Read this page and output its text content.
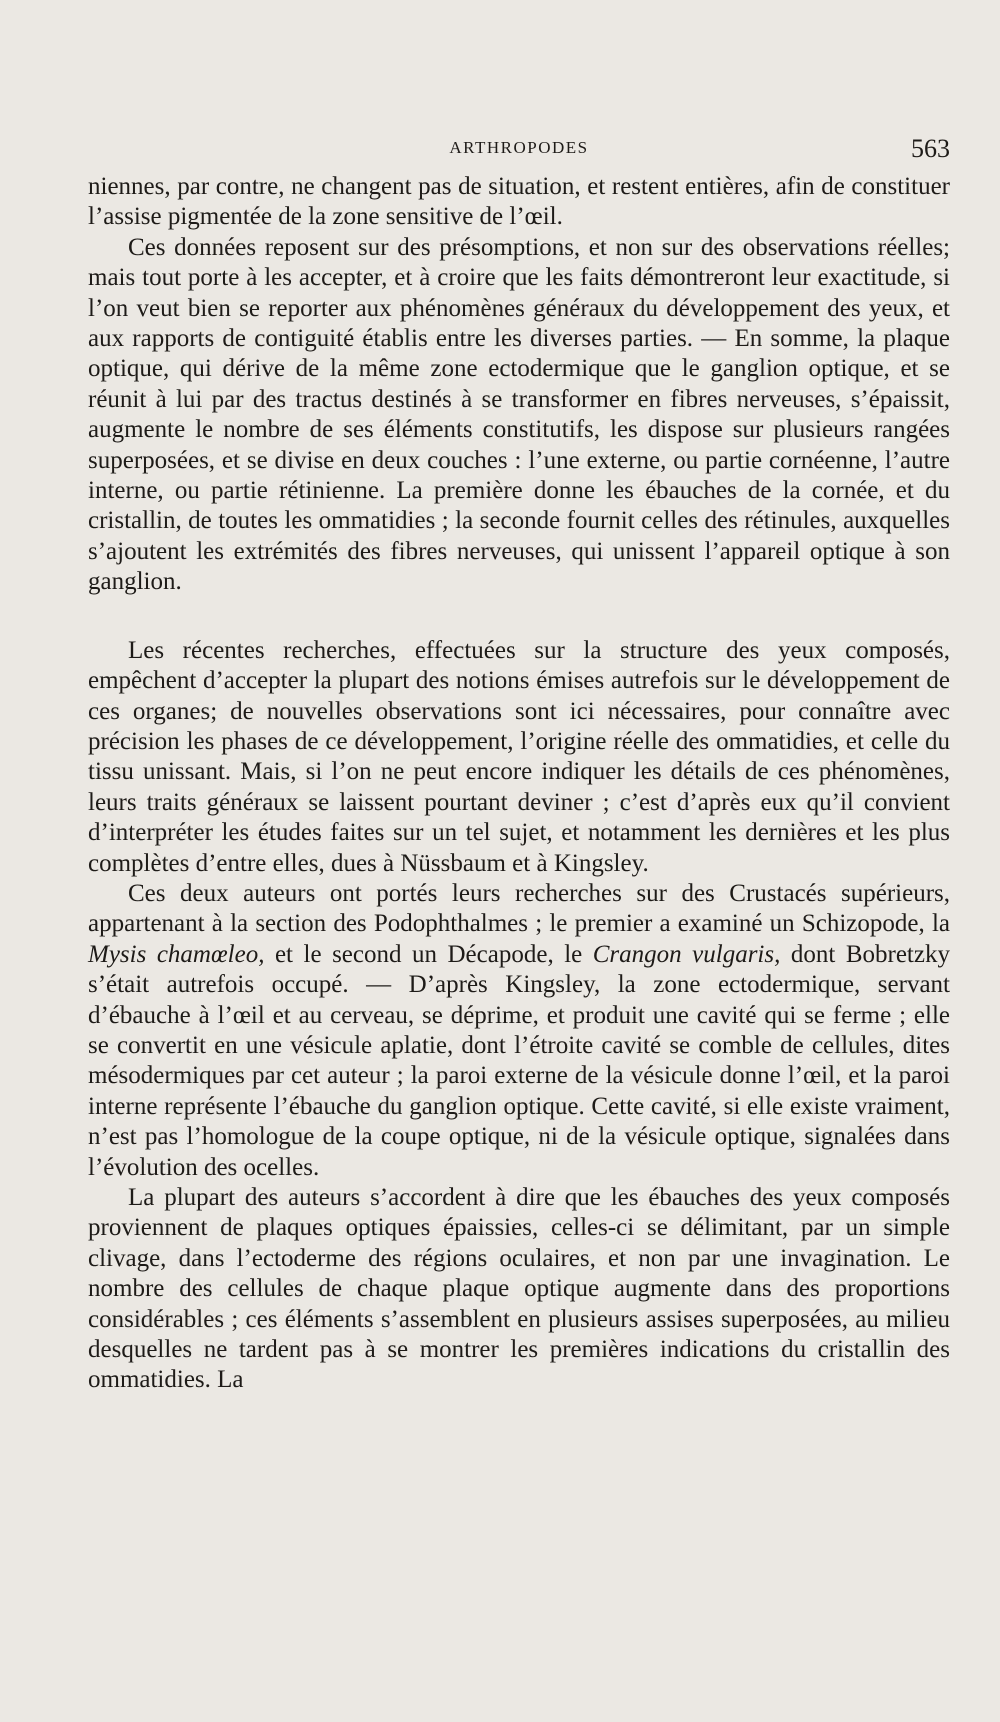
ARTHROPODES	563

niennes, par contre, ne changent pas de situation, et restent entières, afin de constituer l’assise pigmentée de la zone sensitive de l’œil.

Ces données reposent sur des présomptions, et non sur des observations réelles; mais tout porte à les accepter, et à croire que les faits démontreront leur exactitude, si l’on veut bien se reporter aux phénomènes généraux du développement des yeux, et aux rapports de contiguité établis entre les diverses parties. — En somme, la plaque optique, qui dérive de la même zone ectodermique que le ganglion optique, et se réunit à lui par des tractus destinés à se transformer en fibres nerveuses, s’épaissit, augmente le nombre de ses éléments constitutifs, les dispose sur plusieurs rangées superposées, et se divise en deux couches : l’une externe, ou partie cornéenne, l’autre interne, ou partie rétinienne. La première donne les ébauches de la cornée, et du cristallin, de toutes les ommatidies ; la seconde fournit celles des rétinules, auxquelles s’ajoutent les extrémités des fibres nerveuses, qui unissent l’appareil optique à son ganglion.

Les récentes recherches, effectuées sur la structure des yeux composés, empêchent d’accepter la plupart des notions émises autrefois sur le développement de ces organes; de nouvelles observations sont ici nécessaires, pour connaître avec précision les phases de ce développement, l’origine réelle des ommatidies, et celle du tissu unissant. Mais, si l’on ne peut encore indiquer les détails de ces phénomènes, leurs traits généraux se laissent pourtant deviner ; c’est d’après eux qu’il convient d’interpréter les études faites sur un tel sujet, et notamment les dernières et les plus complètes d’entre elles, dues à Nüssbaum et à Kingsley.

Ces deux auteurs ont portés leurs recherches sur des Crustacés supérieurs, appartenant à la section des Podophthalmes ; le premier a examiné un Schizopode, la Mysis chamœleo, et le second un Décapode, le Crangon vulgaris, dont Bobretzky s’était autrefois occupé. — D’après Kingsley, la zone ectodermique, servant d’ébauche à l’œil et au cerveau, se déprime, et produit une cavité qui se ferme ; elle se convertit en une vésicule aplatie, dont l’étroite cavité se comble de cellules, dites mésodermiques par cet auteur ; la paroi externe de la vésicule donne l’œil, et la paroi interne représente l’ébauche du ganglion optique. Cette cavité, si elle existe vraiment, n’est pas l’homologue de la coupe optique, ni de la vésicule optique, signalées dans l’évolution des ocelles.

La plupart des auteurs s’accordent à dire que les ébauches des yeux composés proviennent de plaques optiques épaissies, celles-ci se délimitant, par un simple clivage, dans l’ectoderme des régions oculaires, et non par une invagination. Le nombre des cellules de chaque plaque optique augmente dans des proportions considérables ; ces éléments s’assemblent en plusieurs assises superposées, au milieu desquelles ne tardent pas à se montrer les premières indications du cristallin des ommatidies. La
